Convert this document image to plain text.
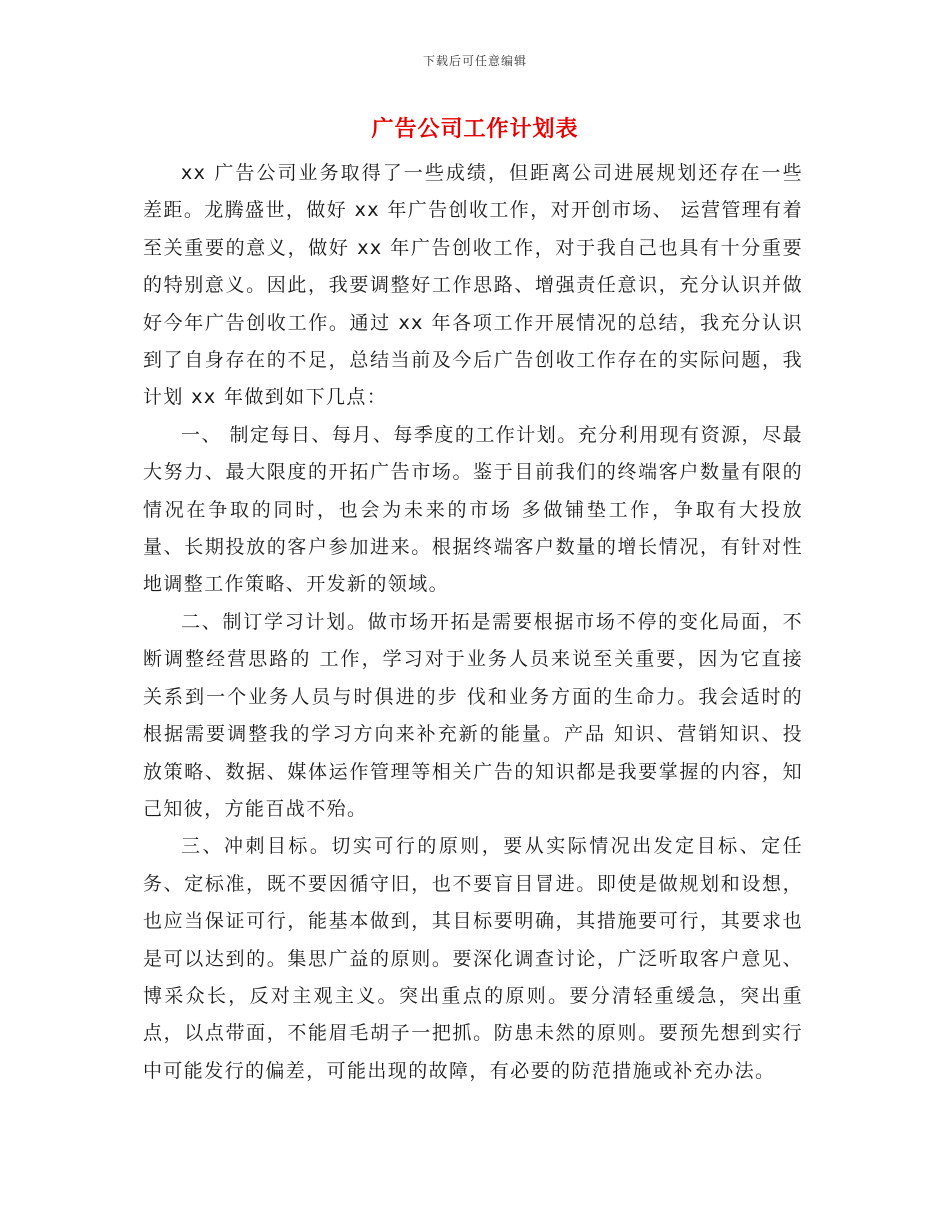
下载后可任意编辑
广告公司工作计划表

xx 广告公司业务取得了一些成绩，但距离公司进展规划还存在一些差距。龙腾盛世，做好 xx 年广告创收工作，对开创市场、 运营管理有着至关重要的意义，做好 xx 年广告创收工作，对于我自己也具有十分重要的特别意义。因此，我要调整好工作思路、增强责任意识，充分认识并做好今年广告创收工作。通过 xx 年各项工作开展情况的总结，我充分认识到了自身存在的不足，总结当前及今后广告创收工作存在的实际问题，我计划 xx 年做到如下几点：

一、 制定每日、每月、每季度的工作计划。充分利用现有资源，尽最大努力、最大限度的开拓广告市场。鉴于目前我们的终端客户数量有限的情况在争取的同时，也会为未来的市场 多做铺垫工作，争取有大投放量、长期投放的客户参加进来。根据终端客户数量的增长情况，有针对性地调整工作策略、开发新的领域。

二、制订学习计划。做市场开拓是需要根据市场不停的变化局面，不断调整经营思路的 工作，学习对于业务人员来说至关重要，因为它直接关系到一个业务人员与时俱进的步 伐和业务方面的生命力。我会适时的根据需要调整我的学习方向来补充新的能量。产品 知识、营销知识、投放策略、数据、媒体运作管理等相关广告的知识都是我要掌握的内容，知己知彼，方能百战不殆。

三、冲刺目标。切实可行的原则，要从实际情况出发定目标、定任务、定标准，既不要因循守旧，也不要盲目冒进。即使是做规划和设想，也应当保证可行，能基本做到，其目标要明确，其措施要可行，其要求也是可以达到的。集思广益的原则。要深化调查讨论，广泛听取客户意见、博采众长，反对主观主义。突出重点的原则。要分清轻重缓急，突出重点，以点带面，不能眉毛胡子一把抓。防患未然的原则。要预先想到实行中可能发行的偏差，可能出现的故障，有必要的防范措施或补充办法。
